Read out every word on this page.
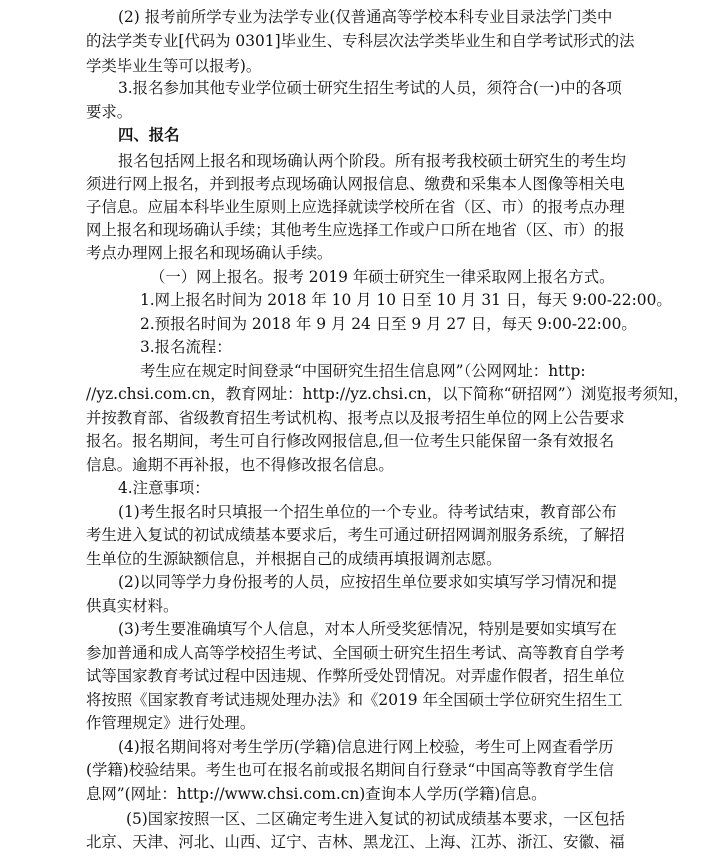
(2) 报考前所学专业为法学专业(仅普通高等学校本科专业目录法学门类中
的法学类专业[代码为 0301]毕业生、专科层次法学类毕业生和自学考试形式的法
学类毕业生等可以报考)。
3.报名参加其他专业学位硕士研究生招生考试的人员，须符合(一)中的各项
要求。
四、报名
报名包括网上报名和现场确认两个阶段。所有报考我校硕士研究生的考生均
须进行网上报名，并到报考点现场确认网报信息、缴费和采集本人图像等相关电
子信息。应届本科毕业生原则上应选择就读学校所在省（区、市）的报考点办理
网上报名和现场确认手续；其他考生应选择工作或户口所在地省（区、市）的报
考点办理网上报名和现场确认手续。
（一）网上报名。报考 2019 年硕士研究生一律采取网上报名方式。
1.网上报名时间为 2018 年 10 月 10 日至 10 月 31 日，每天 9:00-22:00。
2.预报名时间为 2018 年 9 月 24 日至 9 月 27 日，每天 9:00-22:00。
3.报名流程：
考生应在规定时间登录“中国研究生招生信息网”（公网网址：http:
//yz.chsi.com.cn，教育网址：http://yz.chsi.cn，以下简称“研招网”）浏览报考须知，
并按教育部、省级教育招生考试机构、报考点以及报考招生单位的网上公告要求
报名。报名期间，考生可自行修改网报信息,但一位考生只能保留一条有效报名
信息。逾期不再补报，也不得修改报名信息。
4.注意事项：
(1)考生报名时只填报一个招生单位的一个专业。待考试结束，教育部公布
考生进入复试的初试成绩基本要求后，考生可通过研招网调剂服务系统，了解招
生单位的生源缺额信息，并根据自己的成绩再填报调剂志愿。
(2)以同等学力身份报考的人员，应按招生单位要求如实填写学习情况和提
供真实材料。
(3)考生要准确填写个人信息，对本人所受奖惩情况，特别是要如实填写在
参加普通和成人高等学校招生考试、全国硕士研究生招生考试、高等教育自学考
试等国家教育考试过程中因违规、作弊所受处罚情况。对弄虚作假者，招生单位
将按照《国家教育考试违规处理办法》和《2019 年全国硕士学位研究生招生工
作管理规定》进行处理。
(4)报名期间将对考生学历(学籍)信息进行网上校验，考生可上网查看学历
(学籍)校验结果。考生也可在报名前或报名期间自行登录“中国高等教育学生信
息网”(网址：http://www.chsi.com.cn)查询本人学历(学籍)信息。
(5)国家按照一区、二区确定考生进入复试的初试成绩基本要求，一区包括
北京、天津、河北、山西、辽宁、吉林、黑龙江、上海、江苏、浙江、安徽、福
